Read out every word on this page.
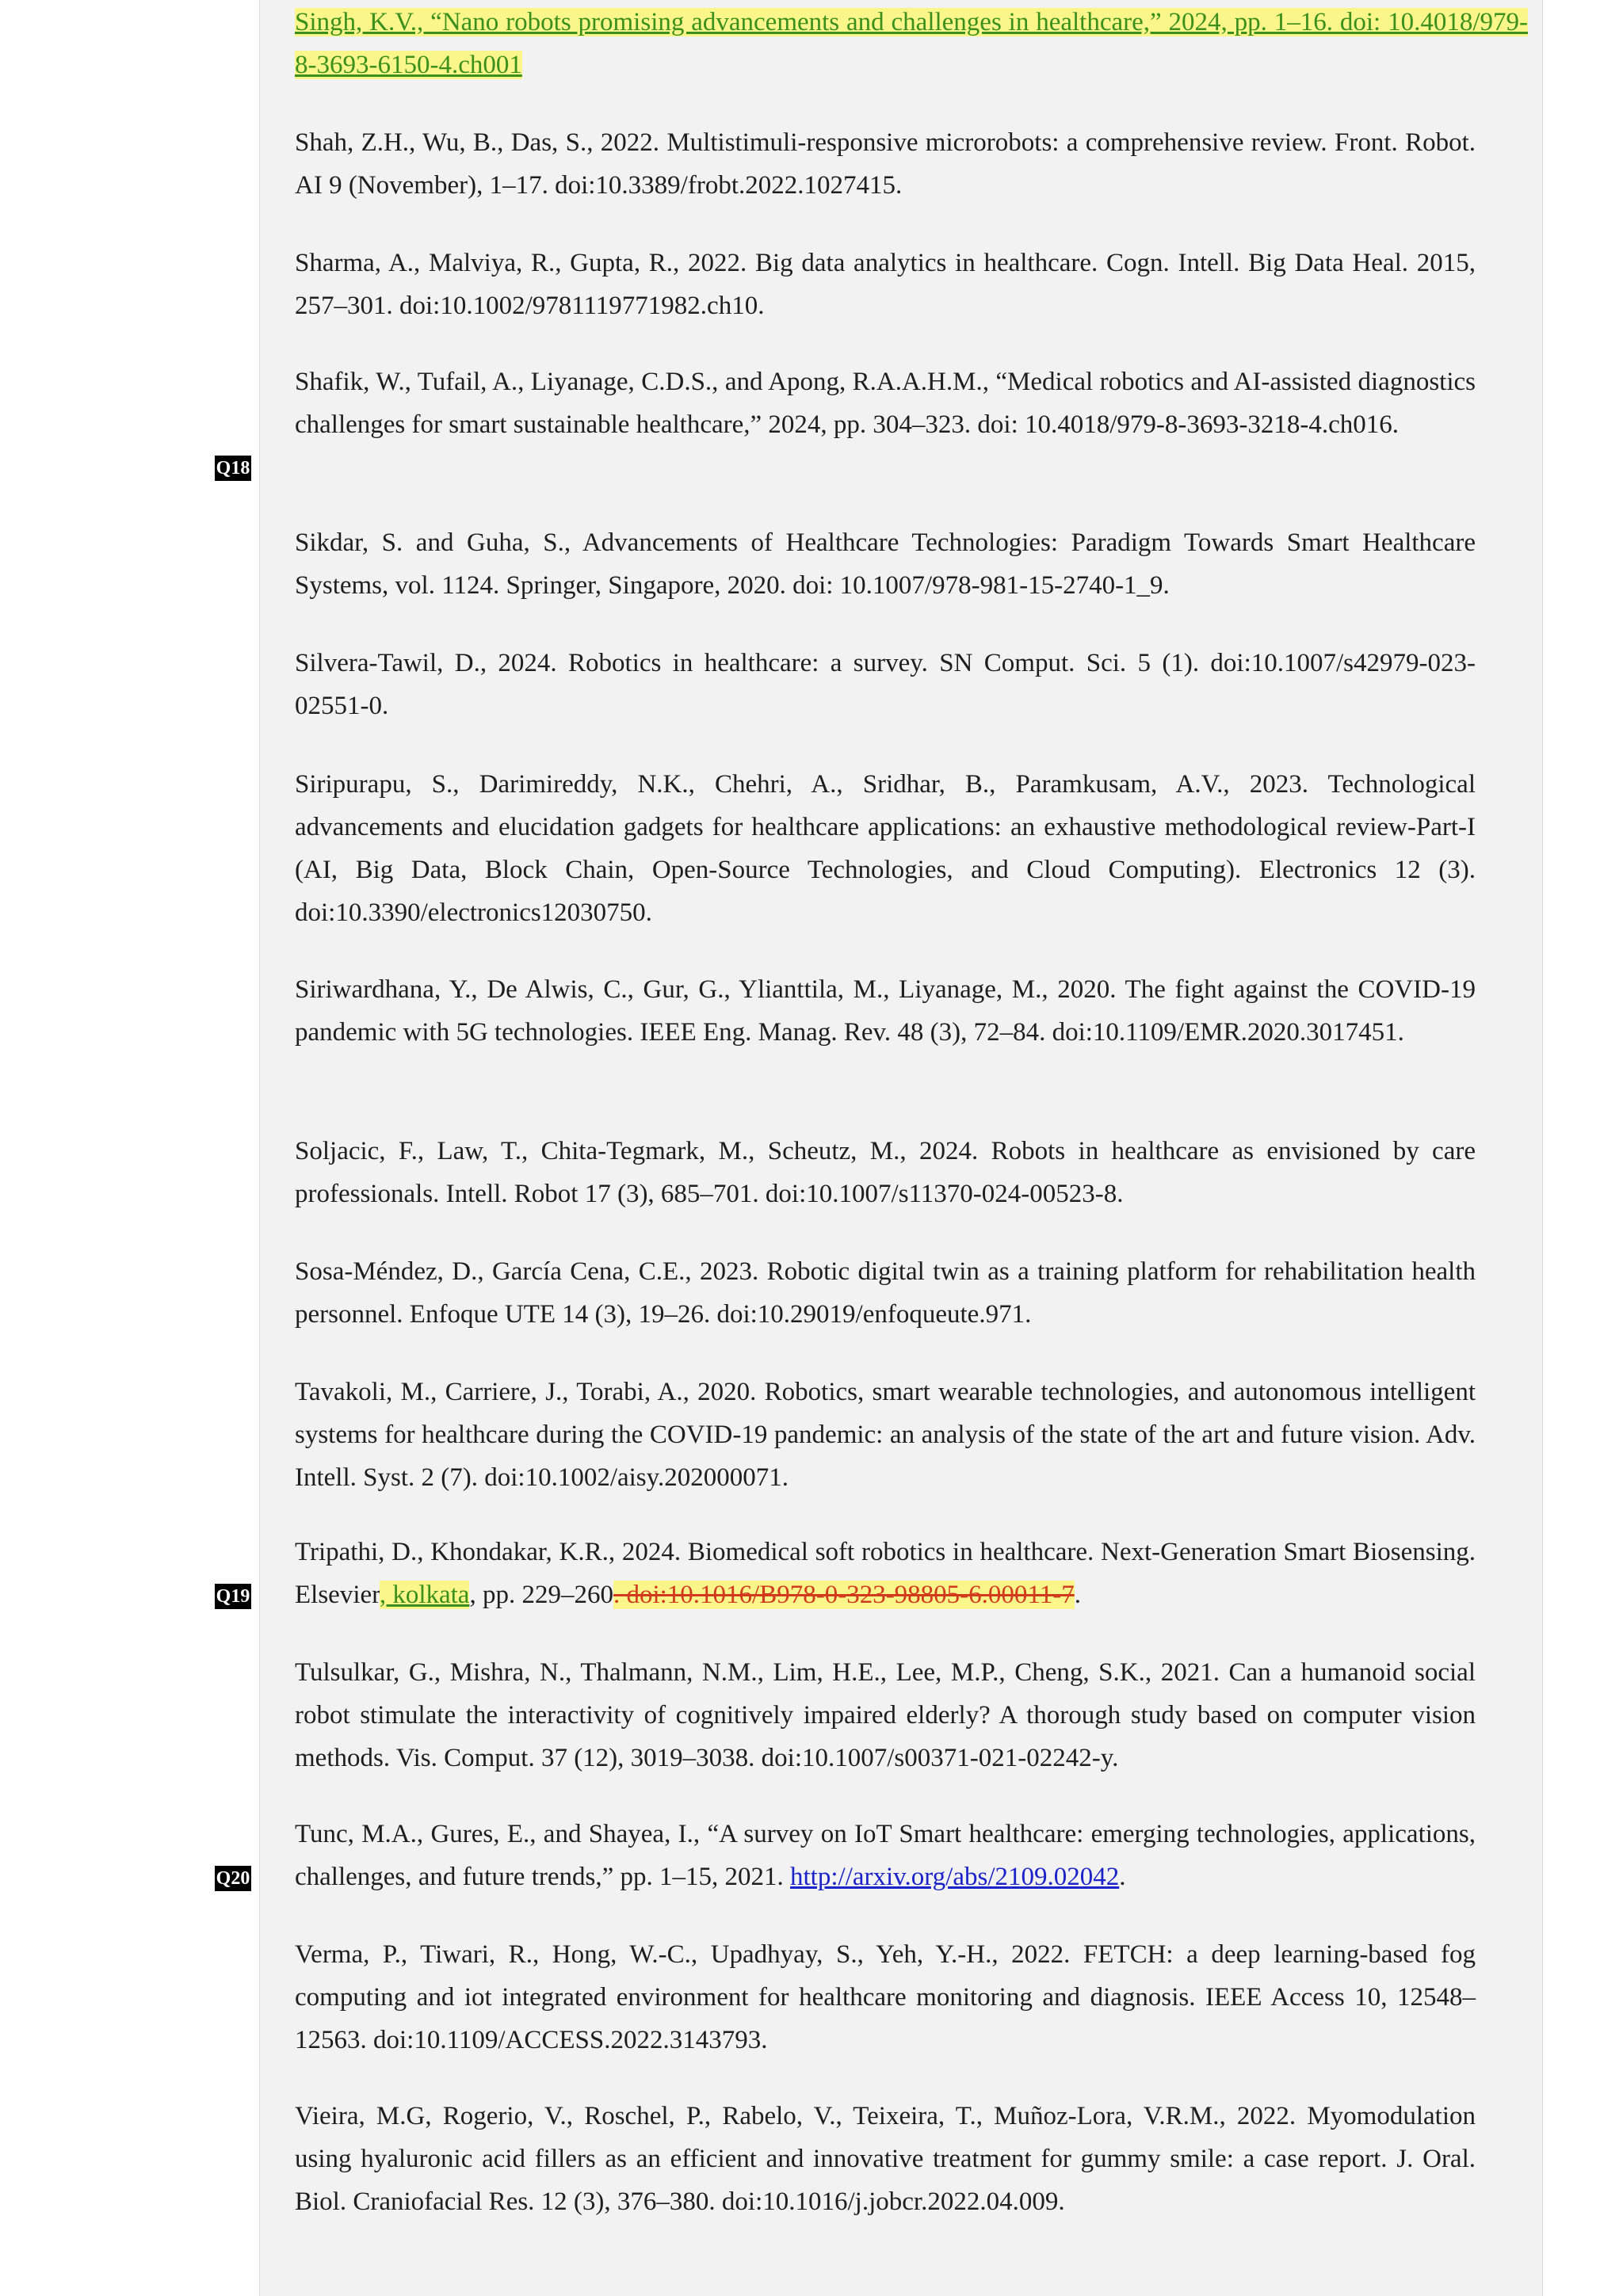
Q18
Q19
Q20

Singh, K.V., “Nano robots promising advancements and challenges in healthcare,” 2024, pp. 1–16. doi: 10.4018/979-8-3693-6150-4.ch001

Shah, Z.H., Wu, B., Das, S., 2022. Multistimuli-responsive microrobots: a comprehensive review. Front. Robot. AI 9 (November), 1–17. doi:10.3389/frobt.2022.1027415.

Sharma, A., Malviya, R., Gupta, R., 2022. Big data analytics in healthcare. Cogn. Intell. Big Data Heal. 2015, 257–301. doi:10.1002/9781119771982.ch10.

Shafik, W., Tufail, A., Liyanage, C.D.S., and Apong, R.A.A.H.M., “Medical robotics and AI-assisted diagnostics challenges for smart sustainable healthcare,” 2024, pp. 304–323. doi: 10.4018/979-8-3693-3218-4.ch016.

Sikdar, S. and Guha, S., Advancements of Healthcare Technologies: Paradigm Towards Smart Healthcare Systems, vol. 1124. Springer, Singapore, 2020. doi: 10.1007/978-981-15-2740-1_9.

Silvera-Tawil, D., 2024. Robotics in healthcare: a survey. SN Comput. Sci. 5 (1). doi:10.1007/s42979-023-02551-0.

Siripurapu, S., Darimireddy, N.K., Chehri, A., Sridhar, B., Paramkusam, A.V., 2023. Technological advancements and elucidation gadgets for healthcare applications: an exhaustive methodological review-Part-I (AI, Big Data, Block Chain, Open-Source Technologies, and Cloud Computing). Electronics 12 (3). doi:10.3390/electronics12030750.

Siriwardhana, Y., De Alwis, C., Gur, G., Ylianttila, M., Liyanage, M., 2020. The fight against the COVID-19 pandemic with 5G technologies. IEEE Eng. Manag. Rev. 48 (3), 72–84. doi:10.1109/EMR.2020.3017451.

Soljacic, F., Law, T., Chita-Tegmark, M., Scheutz, M., 2024. Robots in healthcare as envisioned by care professionals. Intell. Robot 17 (3), 685–701. doi:10.1007/s11370-024-00523-8.

Sosa-Méndez, D., García Cena, C.E., 2023. Robotic digital twin as a training platform for rehabilitation health personnel. Enfoque UTE 14 (3), 19–26. doi:10.29019/enfoqueute.971.

Tavakoli, M., Carriere, J., Torabi, A., 2020. Robotics, smart wearable technologies, and autonomous intelligent systems for healthcare during the COVID-19 pandemic: an analysis of the state of the art and future vision. Adv. Intell. Syst. 2 (7). doi:10.1002/aisy.202000071.

Tripathi, D., Khondakar, K.R., 2024. Biomedical soft robotics in healthcare. Next-Generation Smart Biosensing. Elsevier, kolkata, pp. 229–260. doi:10.1016/B978-0-323-98805-6.00011-7.

Tulsulkar, G., Mishra, N., Thalmann, N.M., Lim, H.E., Lee, M.P., Cheng, S.K., 2021. Can a humanoid social robot stimulate the interactivity of cognitively impaired elderly? A thorough study based on computer vision methods. Vis. Comput. 37 (12), 3019–3038. doi:10.1007/s00371-021-02242-y.

Tunc, M.A., Gures, E., and Shayea, I., “A survey on IoT Smart healthcare: emerging technologies, applications, challenges, and future trends,” pp. 1–15, 2021. http://arxiv.org/abs/2109.02042.

Verma, P., Tiwari, R., Hong, W.-C., Upadhyay, S., Yeh, Y.-H., 2022. FETCH: a deep learning-based fog computing and iot integrated environment for healthcare monitoring and diagnosis. IEEE Access 10, 12548–12563. doi:10.1109/ACCESS.2022.3143793.

Vieira, M.G, Rogerio, V., Roschel, P., Rabelo, V., Teixeira, T., Muñoz-Lora, V.R.M., 2022. Myomodulation using hyaluronic acid fillers as an efficient and innovative treatment for gummy smile: a case report. J. Oral. Biol. Craniofacial Res. 12 (3), 376–380. doi:10.1016/j.jobcr.2022.04.009.
